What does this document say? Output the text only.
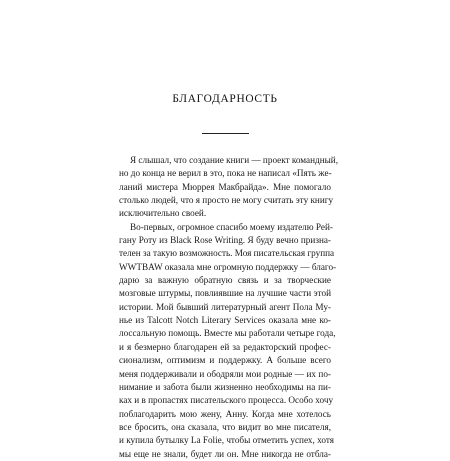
БЛАГОДАРНОСТЬ
Я слышал, что создание книги — проект командный,
но до конца не верил в это, пока не написал «Пять же-
ланий мистера Мюррея Макбрайда». Мне помогало
столько людей, что я просто не могу считать эту книгу
исключительно своей.
Во-первых, огромное спасибо моему издателю Рей-
гану Роту из Black Rose Writing. Я буду вечно призна-
телен за такую возможность. Моя писательская группа
WWTBAW оказала мне огромную поддержку — благо-
дарю за важную обратную связь и за творческие
мозговые штурмы, повлиявшие на лучшие части этой
истории. Мой бывший литературный агент Пола Му-
нье из Talcott Notch Literary Services оказала мне ко-
лоссальную помощь. Вместе мы работали четыре года,
и я безмерно благодарен ей за редакторский профес-
сионализм, оптимизм и поддержку. А больше всего
меня поддерживали и ободряли мои родные — их по-
нимание и забота были жизненно необходимы на пи-
ках и в пропастях писательского процесса. Особо хочу
поблагодарить мою жену, Анну. Когда мне хотелось
все бросить, она сказала, что видит во мне писателя,
и купила бутылку La Folie, чтобы отметить успех, хотя
мы еще не знали, будет ли он. Мне никогда не отбла-
